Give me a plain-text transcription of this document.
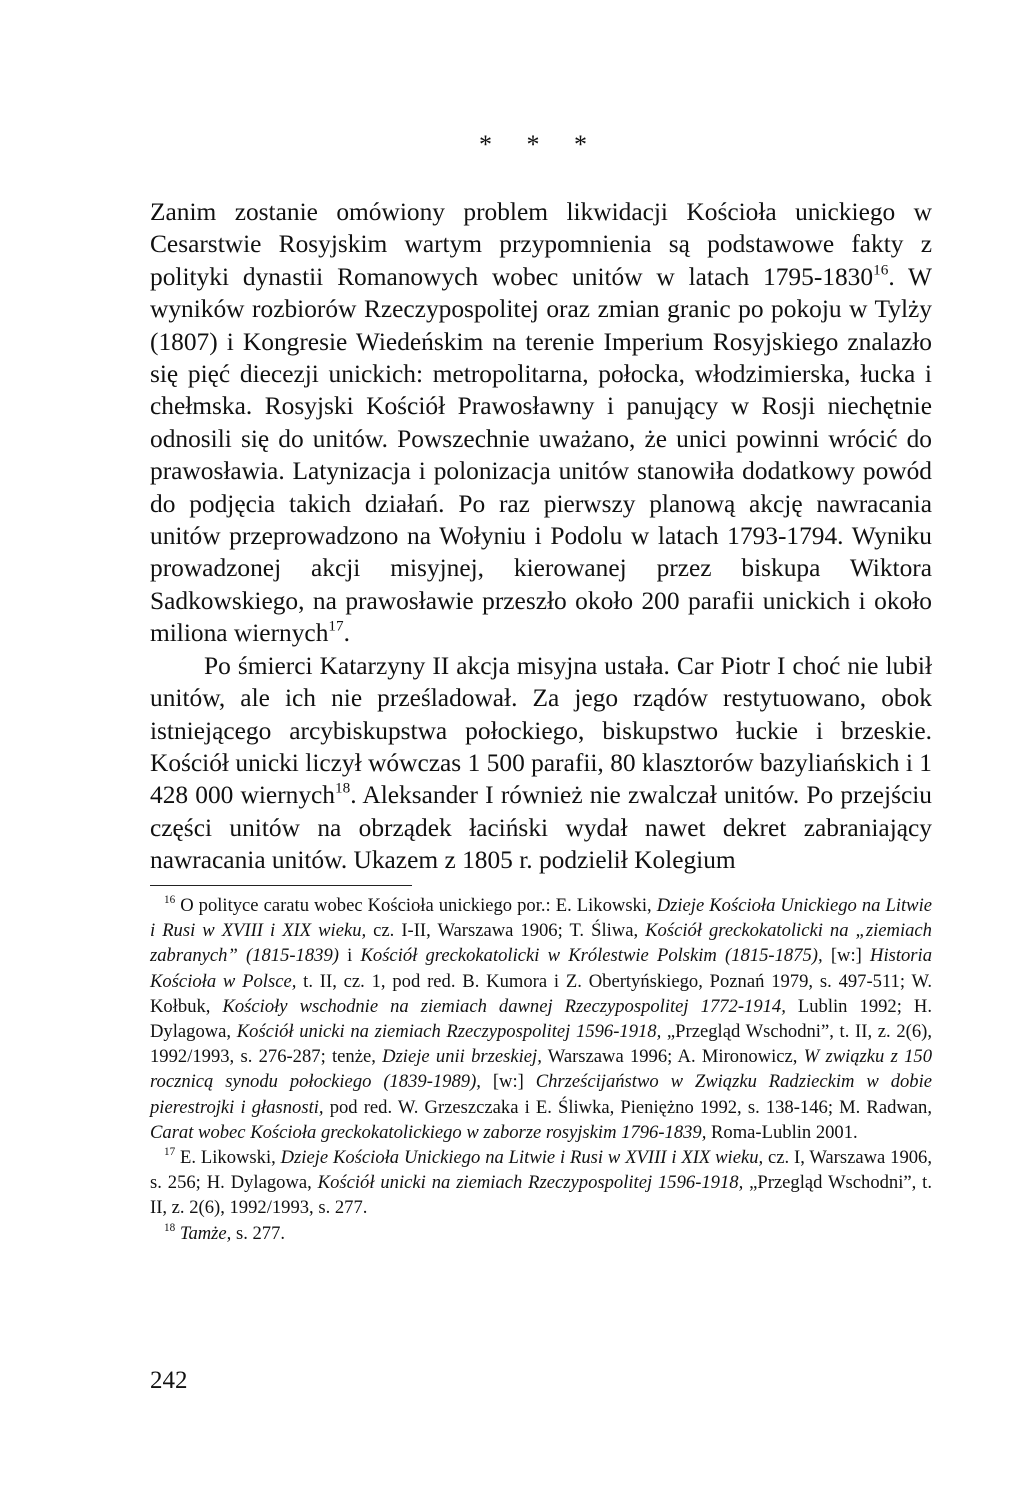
* * *

Zanim zostanie omówiony problem likwidacji Kościoła unickiego w Cesarstwie Rosyjskim wartym przypomnienia są podstawowe fakty z polityki dynastii Romanowych wobec unitów w latach 1795-1830$^{16}$. W wyników rozbiorów Rzeczypospolitej oraz zmian granic po pokoju w Tylży (1807) i Kongresie Wiedeńskim na terenie Imperium Rosyjskiego znalazło się pięć diecezji unickich: metropolitarna, połocka, włodzimierska, łucka i chełmska. Rosyjski Kościół Prawosławny i panujący w Rosji niechętnie odnosili się do unitów. Powszechnie uważano, że unici powinni wrócić do prawosławia. Latynizacja i polonizacja unitów stanowiła dodatkowy powód do podjęcia takich działań. Po raz pierwszy planową akcję nawracania unitów przeprowadzono na Wołyniu i Podolu w latach 1793-1794. Wyniku prowadzonej akcji misyjnej, kierowanej przez biskupa Wiktora Sadkowskiego, na prawosławie przeszło około 200 parafii unickich i około miliona wiernych$^{17}$.

Po śmierci Katarzyny II akcja misyjna ustała. Car Piotr I choć nie lubił unitów, ale ich nie prześladował. Za jego rządów restytuowano, obok istniejącego arcybiskupstwa połockiego, biskupstwo łuckie i brzeskie. Kościół unicki liczył wówczas 1 500 parafii, 80 klasztorów bazyliańskich i 1 428 000 wiernych$^{18}$. Aleksander I również nie zwalczał unitów. Po przejściu części unitów na obrządek łaciński wydał nawet dekret zabraniający nawracania unitów. Ukazem z 1805 r. podzielił Kolegium

$^{16}$ O polityce caratu wobec Kościoła unickiego por.: E. Likowski, Dzieje Kościoła Unickiego na Litwie i Rusi w XVIII i XIX wieku, cz. I-II, Warszawa 1906; T. Śliwa, Kościół greckokatolicki na „ziemiach zabranych” (1815-1839) i Kościół greckokatolicki w Królestwie Polskim (1815-1875), [w:] Historia Kościoła w Polsce, t. II, cz. 1, pod red. B. Kumora i Z. Obertyńskiego, Poznań 1979, s. 497-511; W. Kołbuk, Kościoły wschodnie na ziemiach dawnej Rzeczypospolitej 1772-1914, Lublin 1992; H. Dylagowa, Kościół unicki na ziemiach Rzeczypospolitej 1596-1918, „Przegląd Wschodni”, t. II, z. 2(6), 1992/1993, s. 276-287; tenże, Dzieje unii brzeskiej, Warszawa 1996; A. Mironowicz, W związku z 150 rocznicą synodu połockiego (1839-1989), [w:] Chrześcijaństwo w Związku Radzieckim w dobie pierestrojki i głasnosti, pod red. W. Grzeszczaka i E. Śliwka, Pieniężno 1992, s. 138-146; M. Radwan, Carat wobec Kościoła greckokatolickiego w zaborze rosyjskim 1796-1839, Roma-Lublin 2001.

$^{17}$ E. Likowski, Dzieje Kościoła Unickiego na Litwie i Rusi w XVIII i XIX wieku, cz. I, Warszawa 1906, s. 256; H. Dylagowa, Kościół unicki na ziemiach Rzeczypospolitej 1596-1918, „Przegląd Wschodni”, t. II, z. 2(6), 1992/1993, s. 277.

$^{18}$ Tamże, s. 277.

242
